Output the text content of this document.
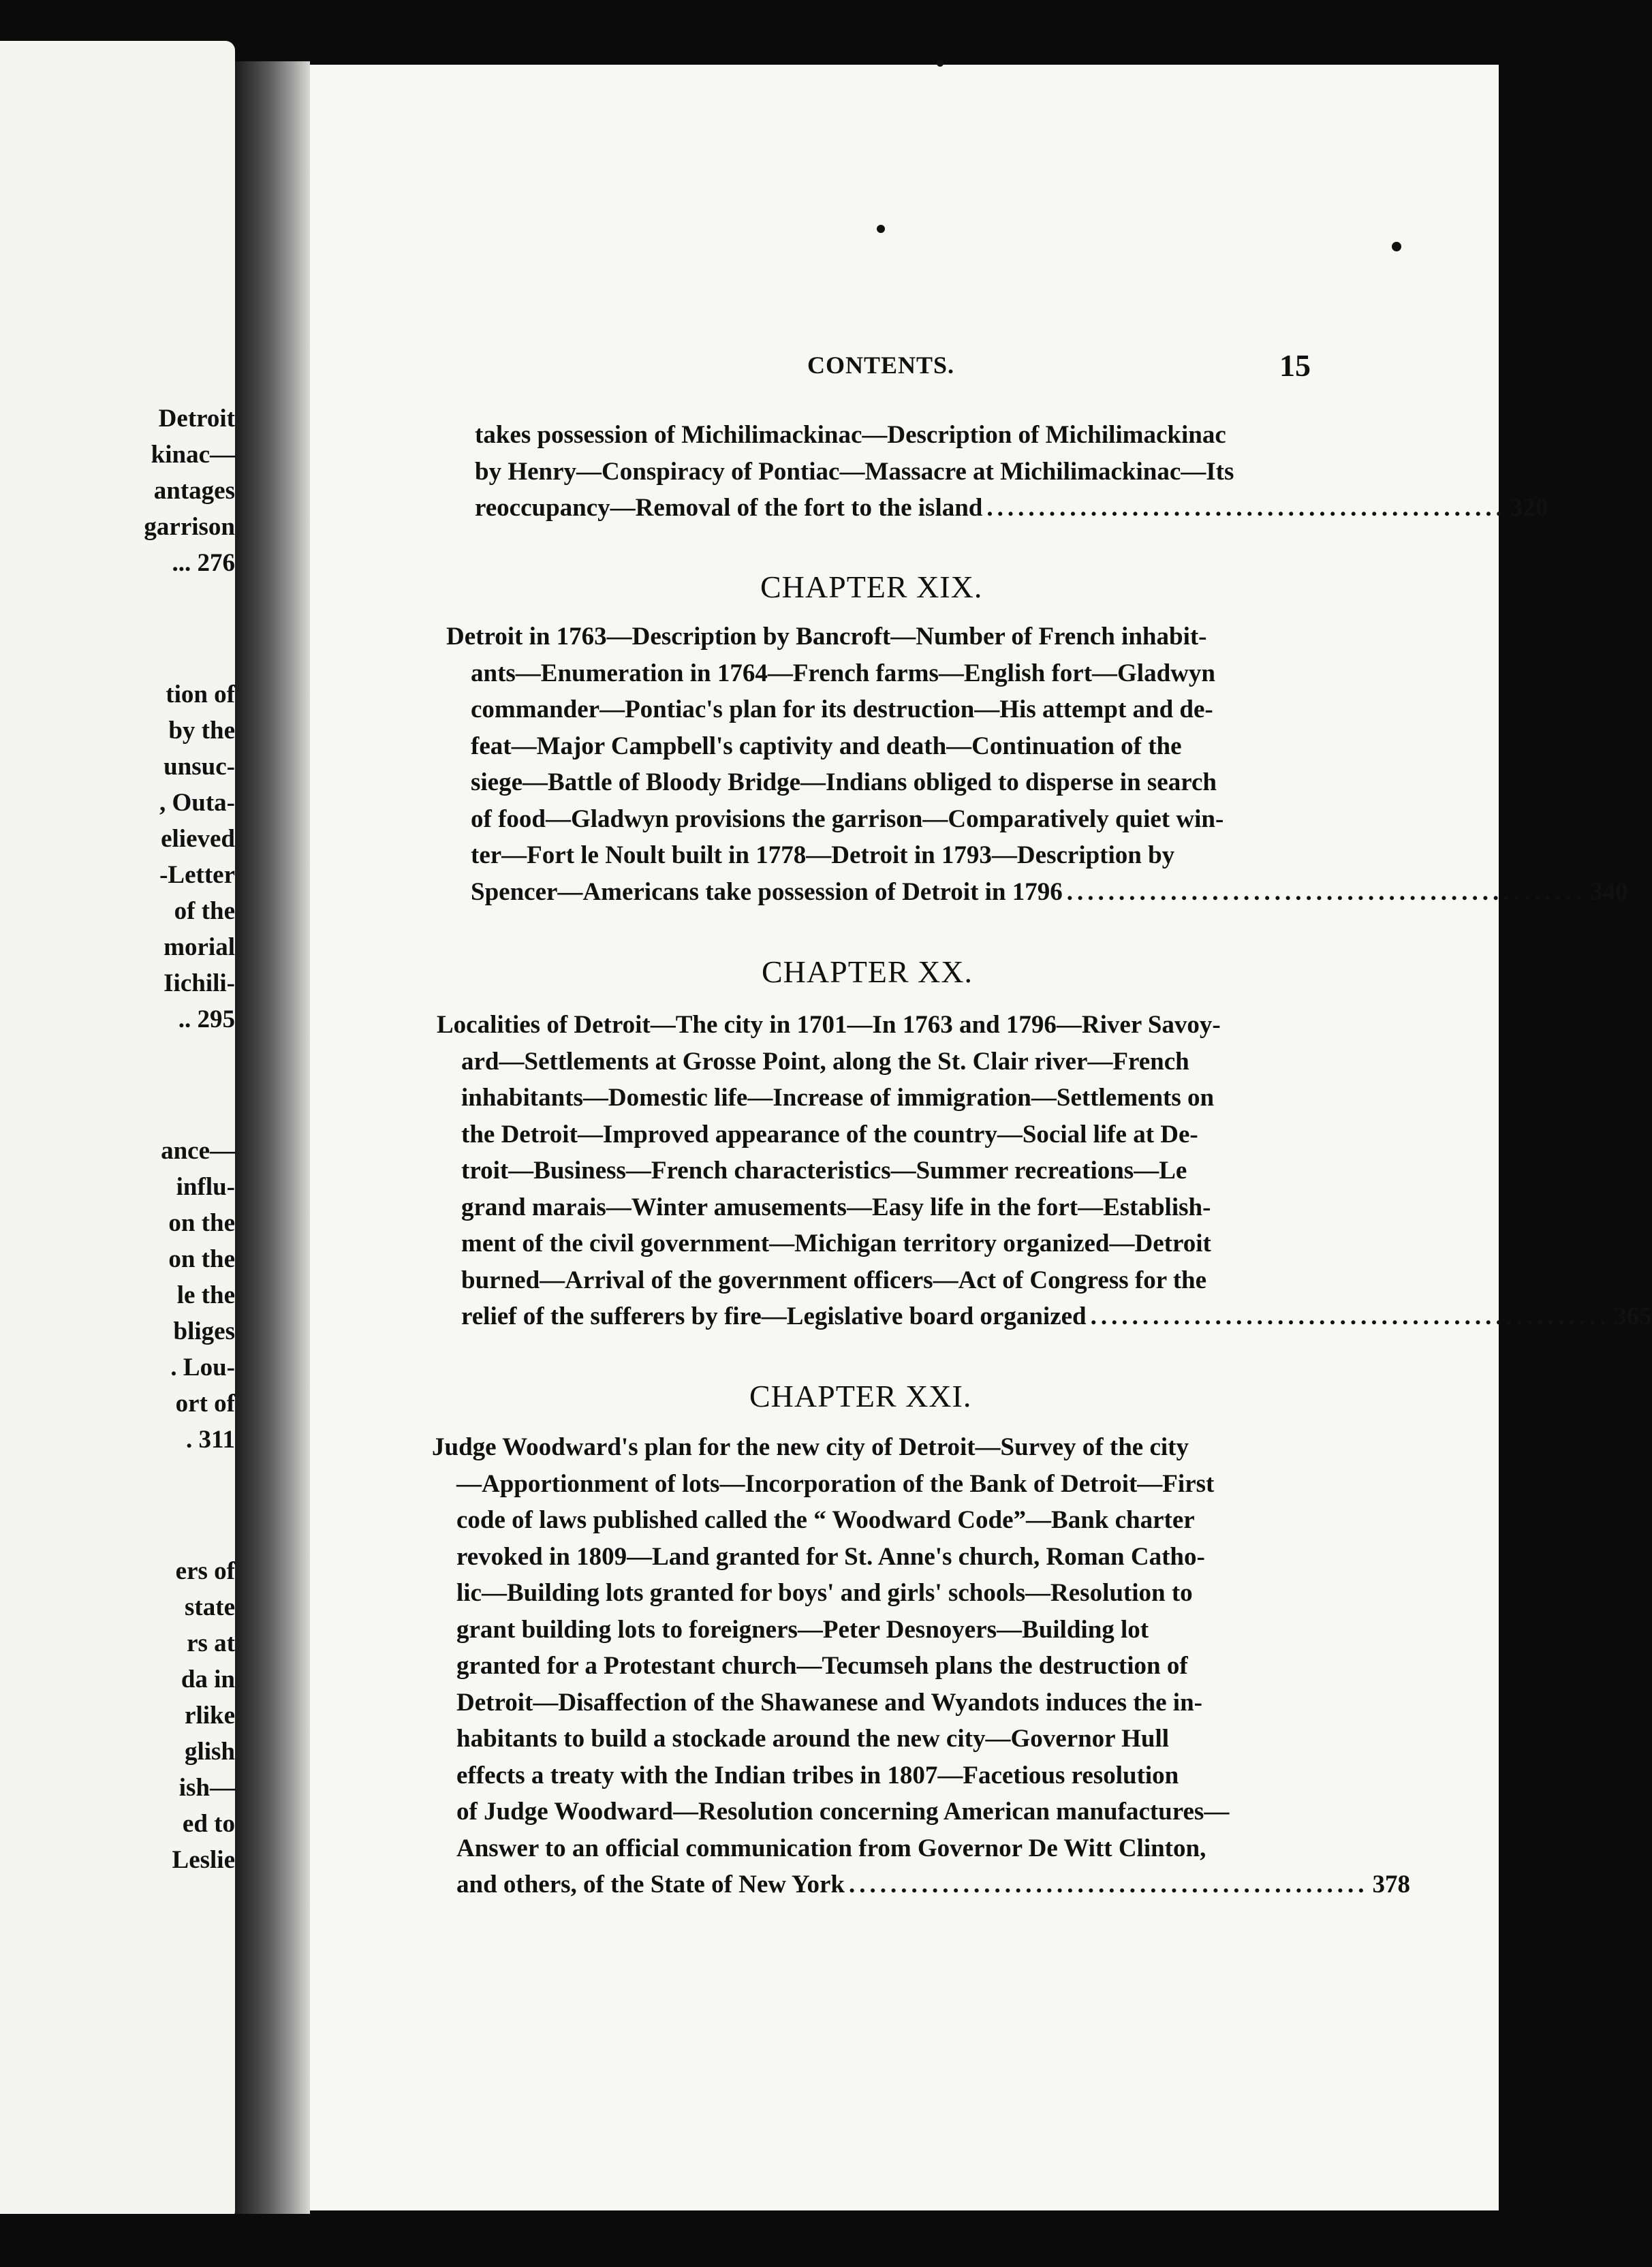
Detroit
kinac—
antages
garrison
... 276
tion of
by the
unsuc-
, Outa-
elieved
-Letter
of the
morial
Iichili-
.. 295
ance—
influ-
on the
on the
le the
bliges
. Lou-
ort of
. 311
ers of
state
rs at
da in
rlike
glish
ish—
ed to
Leslie
CONTENTS.	15
takes possession of Michilimackinac—Description of Michilimackinac
by Henry—Conspiracy of Pontiac—Massacre at Michilimackinac—Its
reoccupancy—Removal of the fort to the island .................................................. 320
CHAPTER XIX.
Detroit in 1763—Description by Bancroft—Number of French inhabit-
ants—Enumeration in 1764—French farms—English fort—Gladwyn
commander—Pontiac's plan for its destruction—His attempt and de-
feat—Major Campbell's captivity and death—Continuation of the
siege—Battle of Bloody Bridge—Indians obliged to disperse in search
of food—Gladwyn provisions the garrison—Comparatively quiet win-
ter—Fort le Noult built in 1778—Detroit in 1793—Description by
Spencer—Americans take possession of Detroit in 1796 .................................................. 340
CHAPTER XX.
Localities of Detroit—The city in 1701—In 1763 and 1796—River Savoy-
ard—Settlements at Grosse Point, along the St. Clair river—French
inhabitants—Domestic life—Increase of immigration—Settlements on
the Detroit—Improved appearance of the country—Social life at De-
troit—Business—French characteristics—Summer recreations—Le
grand marais—Winter amusements—Easy life in the fort—Establish-
ment of the civil government—Michigan territory organized—Detroit
burned—Arrival of the government officers—Act of Congress for the
relief of the sufferers by fire—Legislative board organized .................................................. 365
CHAPTER XXI.
Judge Woodward's plan for the new city of Detroit—Survey of the city
—Apportionment of lots—Incorporation of the Bank of Detroit—First
code of laws published called the “ Woodward Code”—Bank charter
revoked in 1809—Land granted for St. Anne's church, Roman Catho-
lic—Building lots granted for boys' and girls' schools—Resolution to
grant building lots to foreigners—Peter Desnoyers—Building lot
granted for a Protestant church—Tecumseh plans the destruction of
Detroit—Disaffection of the Shawanese and Wyandots induces the in-
habitants to build a stockade around the new city—Governor Hull
effects a treaty with the Indian tribes in 1807—Facetious resolution
of Judge Woodward—Resolution concerning American manufactures—
Answer to an official communication from Governor De Witt Clinton,
and others, of the State of New York .................................................. 378
